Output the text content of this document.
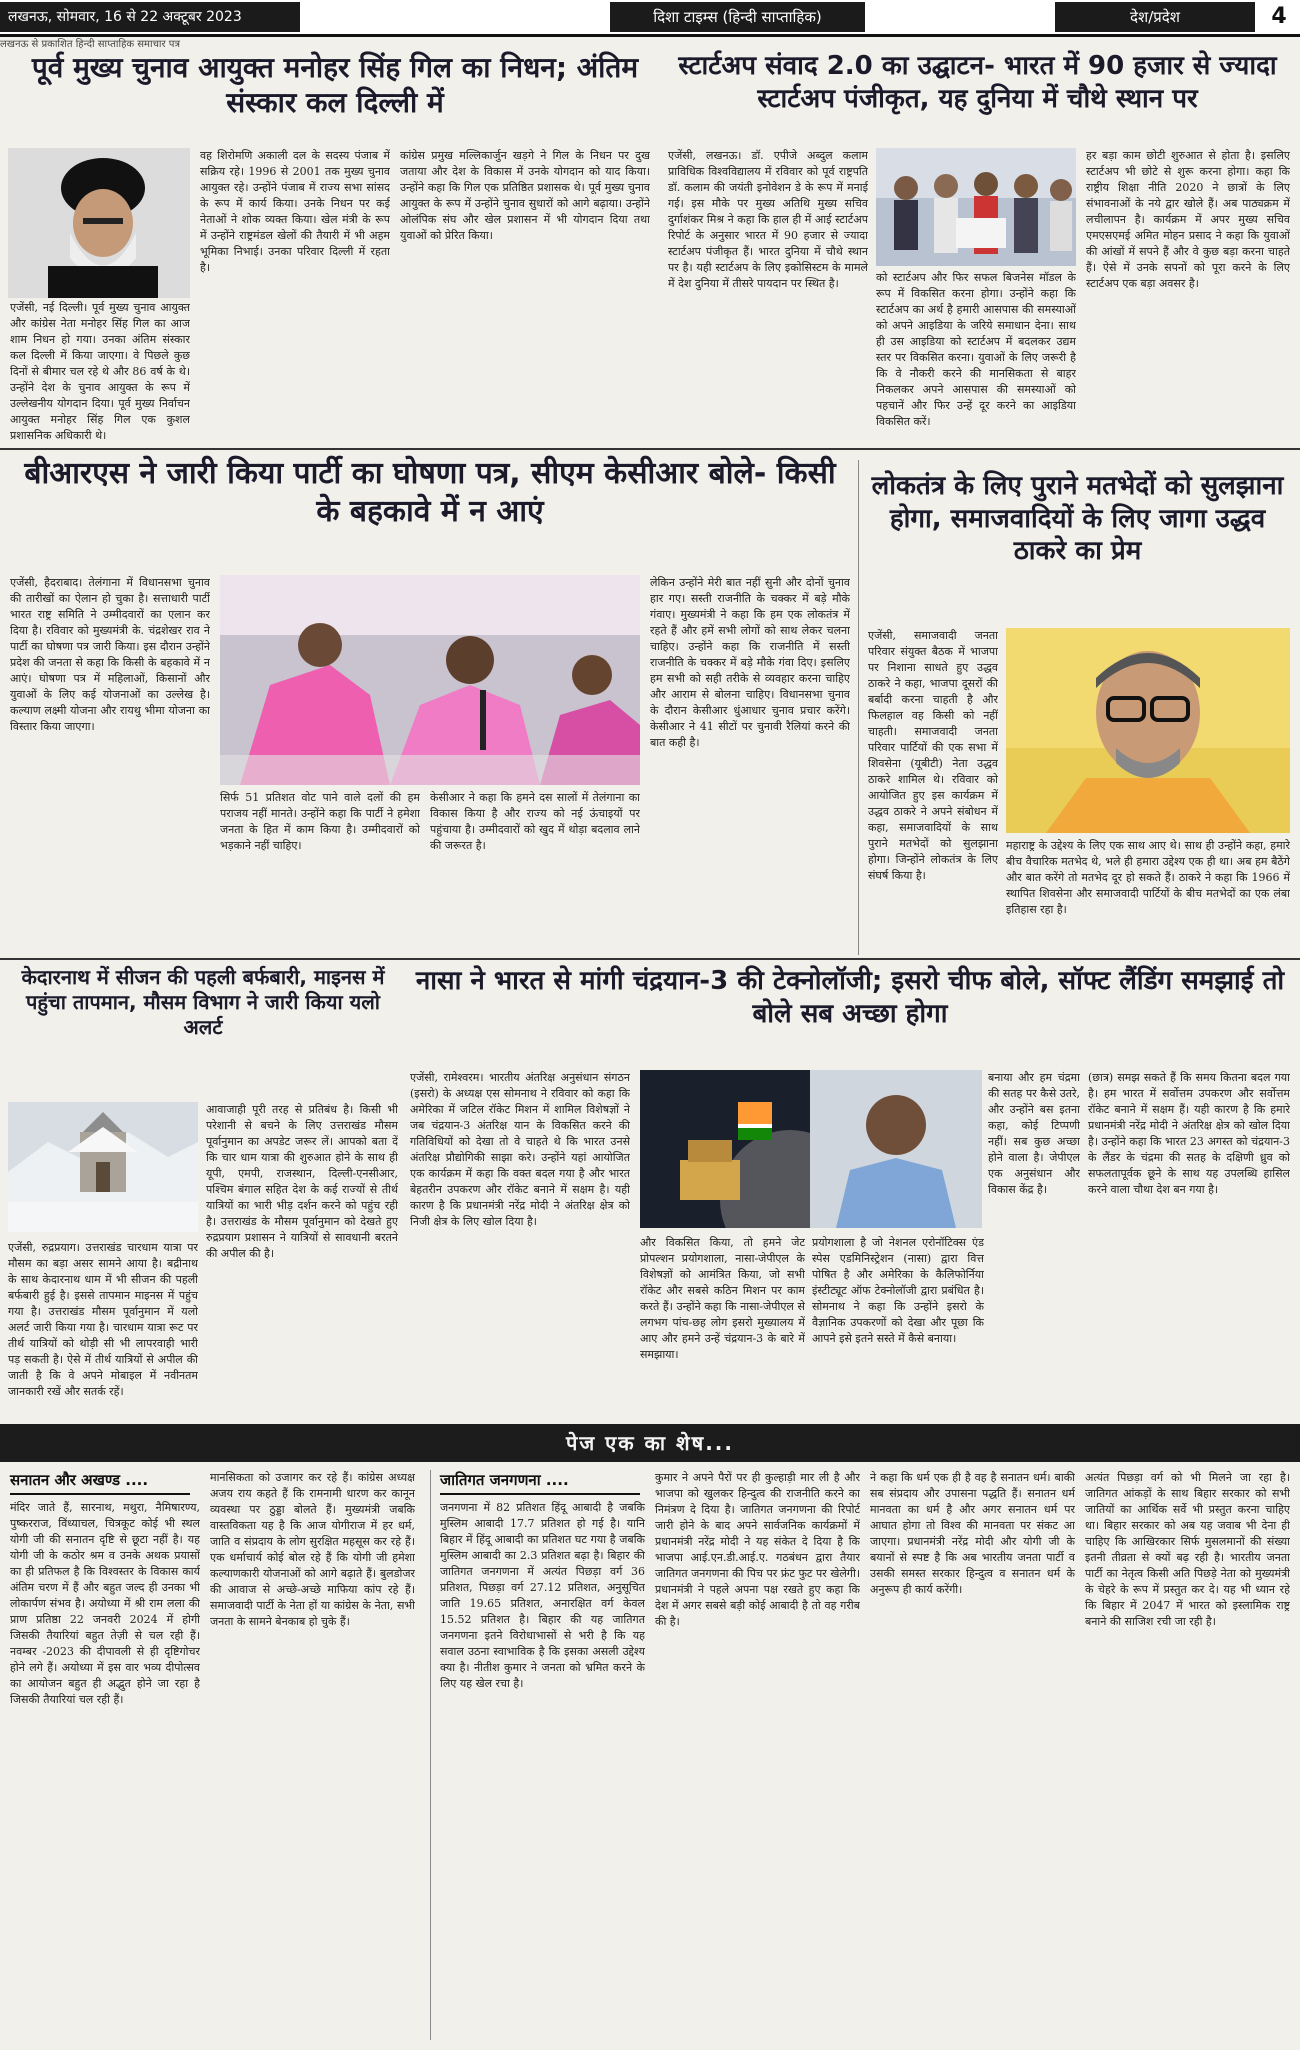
लखनऊ, सोमवार, 16 से 22 अक्टूबर 2023	दिशा टाइम्स (हिन्दी साप्ताहिक)	देश/प्रदेश	4
लखनऊ से प्रकाशित हिन्दी साप्ताहिक समाचार पत्र
पूर्व मुख्य चुनाव आयुक्त मनोहर सिंह गिल का निधन; अंतिम संस्कार कल दिल्ली में
एजेंसी, नई दिल्ली। पूर्व मुख्य चुनाव आयुक्त और कांग्रेस नेता मनोहर सिंह गिल का आज शाम निधन हो गया। उनका अंतिम संस्कार कल दिल्ली में किया जाएगा। वे पिछले कुछ दिनों से बीमार चल रहे थे और 86 वर्ष के थे। उन्होंने देश के चुनाव आयुक्त के रूप में उल्लेखनीय योगदान दिया। पूर्व मुख्य निर्वाचन आयुक्त मनोहर सिंह गिल एक कुशल प्रशासनिक अधिकारी थे।
वह शिरोमणि अकाली दल के सदस्य पंजाब में सक्रिय रहे। 1996 से 2001 तक मुख्य चुनाव आयुक्त रहे। उन्होंने पंजाब में राज्य सभा सांसद के रूप में कार्य किया। उनके निधन पर कई नेताओं ने शोक व्यक्त किया। खेल मंत्री के रूप में उन्होंने राष्ट्रमंडल खेलों की तैयारी में भी अहम भूमिका निभाई। उनका परिवार दिल्ली में रहता है।
कांग्रेस प्रमुख मल्लिकार्जुन खड़गे ने गिल के निधन पर दुख जताया और देश के विकास में उनके योगदान को याद किया। उन्होंने कहा कि गिल एक प्रतिष्ठित प्रशासक थे। पूर्व मुख्य चुनाव आयुक्त के रूप में उन्होंने चुनाव सुधारों को आगे बढ़ाया। उन्होंने ओलंपिक संघ और खेल प्रशासन में भी योगदान दिया तथा युवाओं को प्रेरित किया।
स्टार्टअप संवाद 2.0 का उद्घाटन- भारत में 90 हजार से ज्यादा स्टार्टअप पंजीकृत, यह दुनिया में चौथे स्थान पर
एजेंसी, लखनऊ। डॉ. एपीजे अब्दुल कलाम प्राविधिक विश्वविद्यालय में रविवार को पूर्व राष्ट्रपति डॉ. कलाम की जयंती इनोवेशन डे के रूप में मनाई गई। इस मौके पर मुख्य अतिथि मुख्य सचिव दुर्गाशंकर मिश्र ने कहा कि हाल ही में आई स्टार्टअप रिपोर्ट के अनुसार भारत में 90 हजार से ज्यादा स्टार्टअप पंजीकृत हैं। भारत दुनिया में चौथे स्थान पर है। यही स्टार्टअप के लिए इकोसिस्टम के मामले में देश दुनिया में तीसरे पायदान पर स्थित है।	को स्टार्टअप और फिर सफल बिजनेस मॉडल के रूप में विकसित करना होगा। उन्होंने कहा कि स्टार्टअप का अर्थ है हमारी आसपास की समस्याओं को अपने आइडिया के जरिये समाधान देना। साथ ही उस आइडिया को स्टार्टअप में बदलकर उद्यम स्तर पर विकसित करना। युवाओं के लिए जरूरी है कि वे नौकरी करने की मानसिकता से बाहर निकलकर अपने आसपास की समस्याओं को पहचानें और फिर उन्हें दूर करने का आइडिया विकसित करें।
हर बड़ा काम छोटी शुरुआत से होता है। इसलिए स्टार्टअप भी छोटे से शुरू करना होगा। कहा कि राष्ट्रीय शिक्षा नीति 2020 ने छात्रों के लिए संभावनाओं के नये द्वार खोले हैं। अब पाठ्यक्रम में लचीलापन है। कार्यक्रम में अपर मुख्य सचिव एमएसएमई अमित मोहन प्रसाद ने कहा कि युवाओं की आंखों में सपने हैं और वे कुछ बड़ा करना चाहते हैं। ऐसे में उनके सपनों को पूरा करने के लिए स्टार्टअप एक बड़ा अवसर है।
बीआरएस ने जारी किया पार्टी का घोषणा पत्र, सीएम केसीआर बोले- किसी के बहकावे में न आएं
एजेंसी, हैदराबाद। तेलंगाना में विधानसभा चुनाव की तारीखों का ऐलान हो चुका है। सत्ताधारी पार्टी भारत राष्ट्र समिति ने उम्मीदवारों का एलान कर दिया है। रविवार को मुख्यमंत्री के. चंद्रशेखर राव ने पार्टी का घोषणा पत्र जारी किया। इस दौरान उन्होंने प्रदेश की जनता से कहा कि किसी के बहकावे में न आएं। घोषणा पत्र में महिलाओं, किसानों और युवाओं के लिए कई योजनाओं का उल्लेख है। कल्याण लक्ष्मी योजना और रायथु भीमा योजना का विस्तार किया जाएगा।
सिर्फ 51 प्रतिशत वोट पाने वाले दलों की हम पराजय नहीं मानते। उन्होंने कहा कि पार्टी ने हमेशा जनता के हित में काम किया है। उम्मीदवारों को भड़काने नहीं चाहिए।
केसीआर ने कहा कि हमने दस सालों में तेलंगाना का विकास किया है और राज्य को नई ऊंचाइयों पर पहुंचाया है। उम्मीदवारों को खुद में थोड़ा बदलाव लाने की जरूरत है।
लेकिन उन्होंने मेरी बात नहीं सुनी और दोनों चुनाव हार गए। सस्ती राजनीति के चक्कर में बड़े मौके गंवाए। मुख्यमंत्री ने कहा कि हम एक लोकतंत्र में रहते हैं और हमें सभी लोगों को साथ लेकर चलना चाहिए। उन्होंने कहा कि राजनीति में सस्ती राजनीति के चक्कर में बड़े मौके गंवा दिए। इसलिए हम सभी को सही तरीके से व्यवहार करना चाहिए और आराम से बोलना चाहिए। विधानसभा चुनाव के दौरान केसीआर धुंआधार चुनाव प्रचार करेंगे। केसीआर ने 41 सीटों पर चुनावी रैलियां करने की बात कही है।
लोकतंत्र के लिए पुराने मतभेदों को सुलझाना होगा, समाजवादियों के लिए जागा उद्धव ठाकरे का प्रेम
एजेंसी, समाजवादी जनता परिवार संयुक्त बैठक में भाजपा पर निशाना साधते हुए उद्धव ठाकरे ने कहा, भाजपा दूसरों की बर्बादी करना चाहती है और फिलहाल वह किसी को नहीं चाहती। समाजवादी जनता परिवार पार्टियों की एक सभा में शिवसेना (यूबीटी) नेता उद्धव ठाकरे शामिल थे। रविवार को आयोजित हुए इस कार्यक्रम में उद्धव ठाकरे ने अपने संबोधन में कहा, समाजवादियों के साथ पुराने मतभेदों को सुलझाना होगा। जिन्होंने लोकतंत्र के लिए संघर्ष किया है।
महाराष्ट्र के उद्देश्य के लिए एक साथ आए थे। साथ ही उन्होंने कहा, हमारे बीच वैचारिक मतभेद थे, भले ही हमारा उद्देश्य एक ही था। अब हम बैठेंगे और बात करेंगे तो मतभेद दूर हो सकते हैं। ठाकरे ने कहा कि 1966 में स्थापित शिवसेना और समाजवादी पार्टियों के बीच मतभेदों का एक लंबा इतिहास रहा है।
केदारनाथ में सीजन की पहली बर्फबारी, माइनस में पहुंचा तापमान, मौसम विभाग ने जारी किया यलो अलर्ट
एजेंसी, रुद्रप्रयाग। उत्तराखंड चारधाम यात्रा पर मौसम का बड़ा असर सामने आया है। बद्रीनाथ के साथ केदारनाथ धाम में भी सीजन की पहली बर्फबारी हुई है। इससे तापमान माइनस में पहुंच गया है। उत्तराखंड मौसम पूर्वानुमान में यलो अलर्ट जारी किया गया है। चारधाम यात्रा रूट पर तीर्थ यात्रियों को थोड़ी सी भी लापरवाही भारी पड़ सकती है। ऐसे में तीर्थ यात्रियों से अपील की जाती है कि वे अपने मोबाइल में नवीनतम जानकारी रखें और सतर्क रहें।
आवाजाही पूरी तरह से प्रतिबंध है। किसी भी परेशानी से बचने के लिए उत्तराखंड मौसम पूर्वानुमान का अपडेट जरूर लें। आपको बता दें कि चार धाम यात्रा की शुरुआत होने के साथ ही यूपी, एमपी, राजस्थान, दिल्ली-एनसीआर, पश्चिम बंगाल सहित देश के कई राज्यों से तीर्थ यात्रियों का भारी भीड़ दर्शन करने को पहुंच रही है। उत्तराखंड के मौसम पूर्वानुमान को देखते हुए रुद्रप्रयाग प्रशासन ने यात्रियों से सावधानी बरतने की अपील की है।
नासा ने भारत से मांगी चंद्रयान-3 की टेक्नोलॉजी; इसरो चीफ बोले, सॉफ्ट लैंडिंग समझाई तो बोले सब अच्छा होगा
एजेंसी, रामेश्वरम। भारतीय अंतरिक्ष अनुसंधान संगठन (इसरो) के अध्यक्ष एस सोमनाथ ने रविवार को कहा कि अमेरिका में जटिल रॉकेट मिशन में शामिल विशेषज्ञों ने जब चंद्रयान-3 अंतरिक्ष यान के विकसित करने की गतिविधियों को देखा तो वे चाहते थे कि भारत उनसे अंतरिक्ष प्रौद्योगिकी साझा करे। उन्होंने यहां आयोजित एक कार्यक्रम में कहा कि वक्त बदल गया है और भारत बेहतरीन उपकरण और रॉकेट बनाने में सक्षम है। यही कारण है कि प्रधानमंत्री नरेंद्र मोदी ने अंतरिक्ष क्षेत्र को निजी क्षेत्र के लिए खोल दिया है।
और विकसित किया, तो हमने जेट प्रोपल्शन प्रयोगशाला, नासा-जेपीएल के विशेषज्ञों को आमंत्रित किया, जो सभी रॉकेट और सबसे कठिन मिशन पर काम करते हैं। उन्होंने कहा कि नासा-जेपीएल से लगभग पांच-छह लोग इसरो मुख्यालय में आए और हमने उन्हें चंद्रयान-3 के बारे में समझाया।
प्रयोगशाला है जो नेशनल एरोनॉटिक्स एंड स्पेस एडमिनिस्ट्रेशन (नासा) द्वारा वित्त पोषित है और अमेरिका के कैलिफोर्निया इंस्टीट्यूट ऑफ टेक्नोलॉजी द्वारा प्रबंधित है। सोमनाथ ने कहा कि उन्होंने इसरो के वैज्ञानिक उपकरणों को देखा और पूछा कि आपने इसे इतने सस्ते में कैसे बनाया।
बनाया और हम चंद्रमा की सतह पर कैसे उतरे, और उन्होंने बस इतना कहा, कोई टिप्पणी नहीं। सब कुछ अच्छा होने वाला है। जेपीएल एक अनुसंधान और विकास केंद्र है।
(छात्र) समझ सकते हैं कि समय कितना बदल गया है। हम भारत में सर्वोत्तम उपकरण और सर्वोत्तम रॉकेट बनाने में सक्षम हैं। यही कारण है कि हमारे प्रधानमंत्री नरेंद्र मोदी ने अंतरिक्ष क्षेत्र को खोल दिया है। उन्होंने कहा कि भारत 23 अगस्त को चंद्रयान-3 के लैंडर के चंद्रमा की सतह के दक्षिणी ध्रुव को सफलतापूर्वक छूने के साथ यह उपलब्धि हासिल करने वाला चौथा देश बन गया है।
पेज एक का शेष...
सनातन और अखण्ड ....
मंदिर जाते हैं, सारनाथ, मथुरा, नैमिषारण्य, पुष्करराज, विंध्याचल, चित्रकूट कोई भी स्थल योगी जी की सनातन दृष्टि से छूटा नहीं है। यह योगी जी के कठोर श्रम व उनके अथक प्रयासों का ही प्रतिफल है कि विश्वस्तर के विकास कार्य अंतिम चरण में हैं और बहुत जल्द ही उनका भी लोकार्पण संभव है। अयोध्या में श्री राम लला की प्राण प्रतिष्ठा 22 जनवरी 2024 में होगी जिसकी तैयारियां बहुत तेज़ी से चल रही हैं। नवम्बर -2023 की दीपावली से ही दृष्टिगोचर होने लगे हैं। अयोध्या में इस वार भव्य दीपोत्सव का आयोजन बहुत ही अद्भुत होने जा रहा है जिसकी तैयारियां चल रही हैं।
मानसिकता को उजागर कर रहे हैं। कांग्रेस अध्यक्ष अजय राय कहते हैं कि रामनामी धारण कर कानून व्यवस्था पर ठुड्डा बोलते हैं। मुख्यमंत्री जबकि वास्तविकता यह है कि आज योगीराज में हर धर्म, जाति व संप्रदाय के लोग सुरक्षित महसूस कर रहे हैं। एक धर्माचार्य कोई बोल रहे हैं कि योगी जी हमेशा कल्याणकारी योजनाओं को आगे बढ़ाते हैं। बुलडोजर की आवाज से अच्छे-अच्छे माफिया कांप रहे हैं। समाजवादी पार्टी के नेता हों या कांग्रेस के नेता, सभी जनता के सामने बेनकाब हो चुके हैं।
जातिगत जनगणना ....
जनगणना में 82 प्रतिशत हिंदू आबादी है जबकि मुस्लिम आबादी 17.7 प्रतिशत हो गई है। यानि बिहार में हिंदू आबादी का प्रतिशत घट गया है जबकि मुस्लिम आबादी का 2.3 प्रतिशत बढ़ा है। बिहार की जातिगत जनगणना में अत्यंत पिछड़ा वर्ग 36 प्रतिशत, पिछड़ा वर्ग 27.12 प्रतिशत, अनुसूचित जाति 19.65 प्रतिशत, अनारक्षित वर्ग केवल 15.52 प्रतिशत है। बिहार की यह जातिगत जनगणना इतने विरोधाभासों से भरी है कि यह सवाल उठना स्वाभाविक है कि इसका असली उद्देश्य क्या है। नीतीश कुमार ने जनता को भ्रमित करने के लिए यह खेल रचा है।
कुमार ने अपने पैरों पर ही कुल्हाड़ी मार ली है और भाजपा को खुलकर हिन्दुत्व की राजनीति करने का निमंत्रण दे दिया है। जातिगत जनगणना की रिपोर्ट जारी होने के बाद अपने सार्वजनिक कार्यक्रमों में प्रधानमंत्री नरेंद्र मोदी ने यह संकेत दे दिया है कि भाजपा आई.एन.डी.आई.ए. गठबंधन द्वारा तैयार जातिगत जनगणना की पिच पर फ्रंट फुट पर खेलेगी। प्रधानमंत्री ने पहले अपना पक्ष रखते हुए कहा कि देश में अगर सबसे बड़ी कोई आबादी है तो वह गरीब की है।
ने कहा कि धर्म एक ही है वह है सनातन धर्म। बाकी सब संप्रदाय और उपासना पद्धति हैं। सनातन धर्म मानवता का धर्म है और अगर सनातन धर्म पर आघात होगा तो विश्व की मानवता पर संकट आ जाएगा। प्रधानमंत्री नरेंद्र मोदी और योगी जी के बयानों से स्पष्ट है कि अब भारतीय जनता पार्टी व उसकी समस्त सरकार हिन्दुत्व व सनातन धर्म के अनुरूप ही कार्य करेंगी।
अत्यंत पिछड़ा वर्ग को भी मिलने जा रहा है। जातिगत आंकड़ों के साथ बिहार सरकार को सभी जातियों का आर्थिक सर्वे भी प्रस्तुत करना चाहिए था। बिहार सरकार को अब यह जवाब भी देना ही चाहिए कि आखिरकार सिर्फ मुसलमानों की संख्या इतनी तीव्रता से क्यों बढ़ रही है। भारतीय जनता पार्टी का नेतृत्व किसी अति पिछड़े नेता को मुख्यमंत्री के चेहरे के रूप में प्रस्तुत कर दे। यह भी ध्यान रहे कि बिहार में 2047 में भारत को इस्लामिक राष्ट्र बनाने की साजिश रची जा रही है।
